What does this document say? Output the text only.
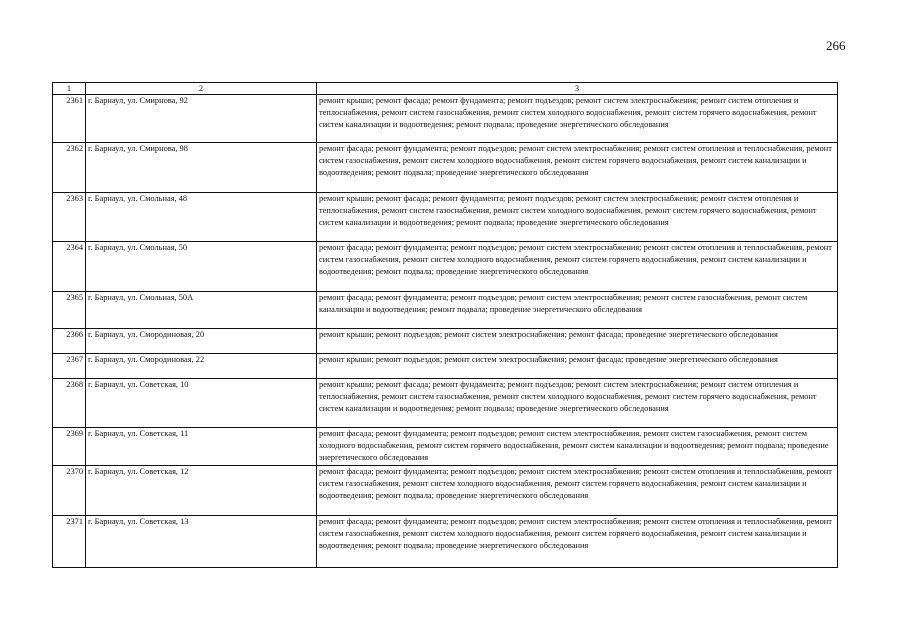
266
1	2	3
2361	г. Барнаул, ул. Смирнова, 92	ремонт крыши; ремонт фасада; ремонт фундамента; ремонт подъездов; ремонт систем электроснабжения; ремонт систем отопления и теплоснабжения, ремонт систем газоснабжения, ремонт систем холодного водоснабжения, ремонт систем горячего водоснабжения, ремонт систем канализации и водоотведения; ремонт подвала; проведение энергетического обследования
2362	г. Барнаул, ул. Смирнова, 98	ремонт фасада; ремонт фундамента; ремонт подъездов; ремонт систем электроснабжения; ремонт систем отопления и теплоснабжения, ремонт систем газоснабжения, ремонт систем холодного водоснабжения, ремонт систем горячего водоснабжения, ремонт систем канализации и водоотведения; ремонт подвала; проведение энергетического обследования
2363	г. Барнаул, ул. Смольная, 48	ремонт крыши; ремонт фасада; ремонт фундамента; ремонт подъездов; ремонт систем электроснабжения; ремонт систем отопления и теплоснабжения, ремонт систем газоснабжения, ремонт систем холодного водоснабжения, ремонт систем горячего водоснабжения, ремонт систем канализации и водоотведения; ремонт подвала; проведение энергетического обследования
2364	г. Барнаул, ул. Смольная, 50	ремонт фасада; ремонт фундамента; ремонт подъездов; ремонт систем электроснабжения; ремонт систем отопления и теплоснабжения, ремонт систем газоснабжения, ремонт систем холодного водоснабжения, ремонт систем горячего водоснабжения, ремонт систем канализации и водоотведения; ремонт подвала; проведение энергетического обследования
2365	г. Барнаул, ул. Смольная, 50А	ремонт фасада; ремонт фундамента; ремонт подъездов; ремонт систем электроснабжения; ремонт систем газоснабжения, ремонт систем канализации и водоотведения; ремонт подвала; проведение энергетического обследования
2366	г. Барнаул, ул. Смородиновая, 20	ремонт крыши; ремонт подъездов; ремонт систем электроснабжения; ремонт фасада; проведение энергетического обследования
2367	г. Барнаул, ул. Смородиновая, 22	ремонт крыши; ремонт подъездов; ремонт систем электроснабжения; ремонт фасада; проведение энергетического обследования
2368	г. Барнаул, ул. Советская, 10	ремонт крыши; ремонт фасада; ремонт фундамента; ремонт подъездов; ремонт систем электроснабжения; ремонт систем отопления и теплоснабжения, ремонт систем газоснабжения, ремонт систем холодного водоснабжения, ремонт систем горячего водоснабжения, ремонт систем канализации и водоотведения; ремонт подвала; проведение энергетического обследования
2369	г. Барнаул, ул. Советская, 11	ремонт фасада; ремонт фундамента; ремонт подъездов; ремонт систем электроснабжения, ремонт систем газоснабжения, ремонт систем холодного водоснабжения, ремонт систем горячего водоснабжения, ремонт систем канализации и водоотведения; ремонт подвала; проведение энергетического обследования
2370	г. Барнаул, ул. Советская, 12	ремонт фасада; ремонт фундамента; ремонт подъездов; ремонт систем электроснабжения; ремонт систем отопления и теплоснабжения, ремонт систем газоснабжения, ремонт систем холодного водоснабжения, ремонт систем горячего водоснабжения, ремонт систем канализации и водоотведения; ремонт подвала; проведение энергетического обследования
2371	г. Барнаул, ул. Советская, 13	ремонт фасада; ремонт фундамента; ремонт подъездов; ремонт систем электроснабжения; ремонт систем отопления и теплоснабжения, ремонт систем газоснабжения, ремонт систем холодного водоснабжения, ремонт систем горячего водоснабжения, ремонт систем канализации и водоотведения; ремонт подвала; проведение энергетического обследования
